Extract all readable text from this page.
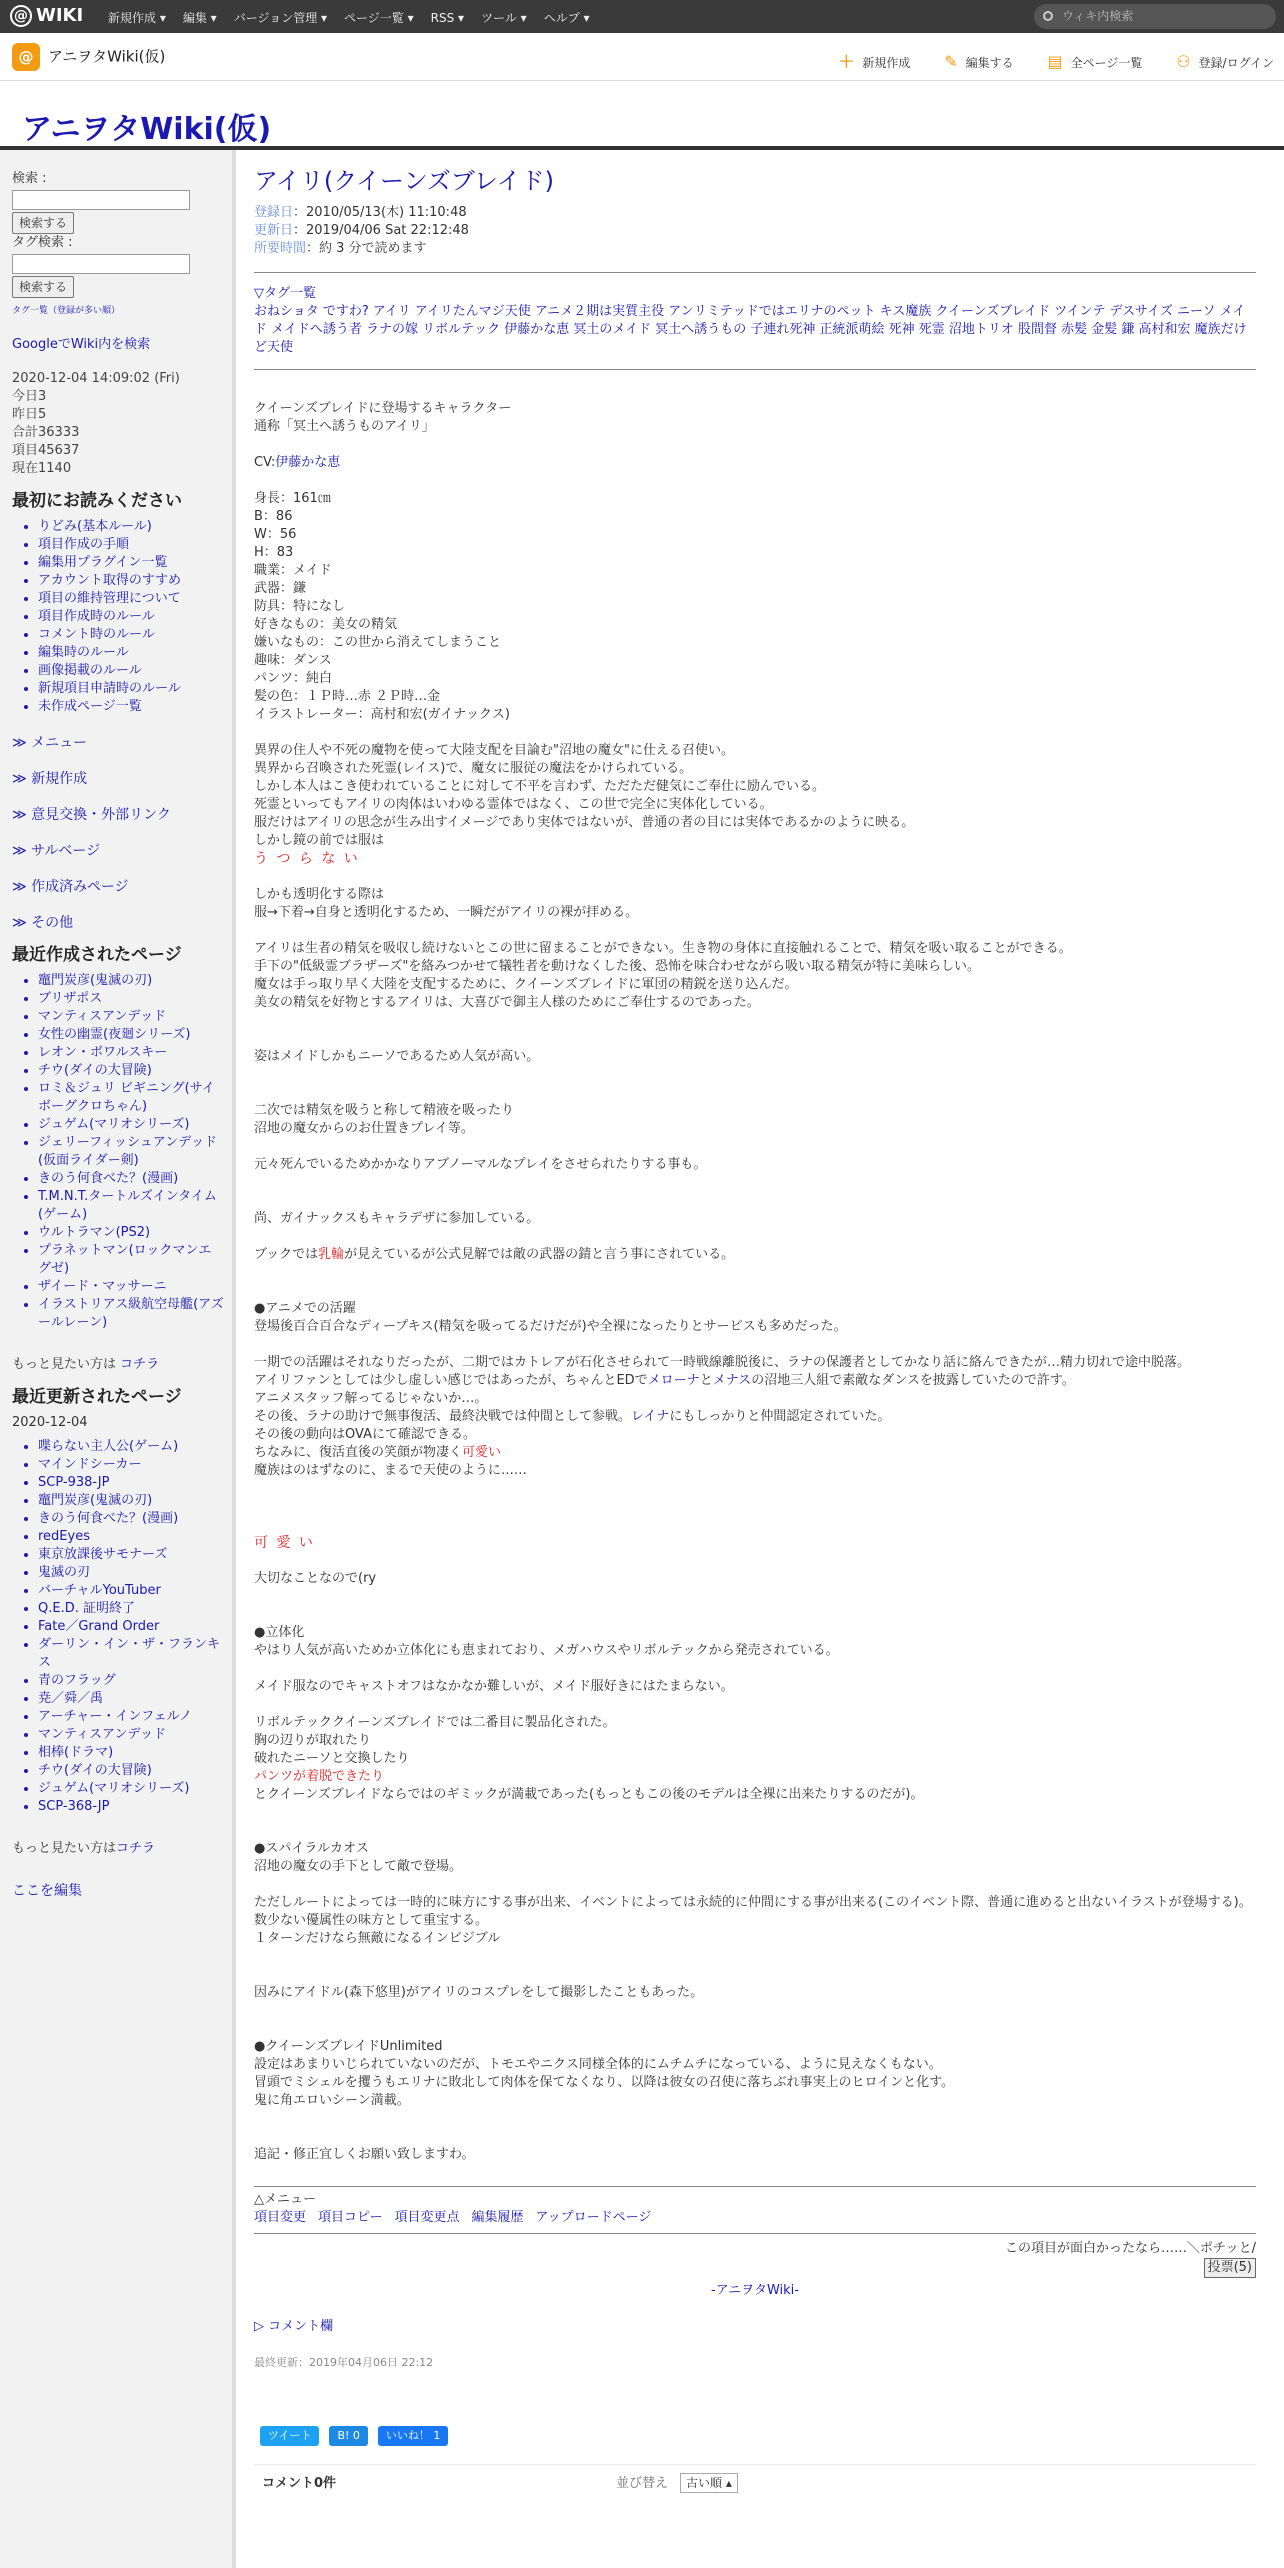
@ WIKI 新規作成 ▾ 編集 ▾ バージョン管理 ▾ ページ一覧 ▾ RSS ▾ ツール ▾ ヘルプ ▾	ウィキ内検索
@ アニヲタWiki(仮)	＋ 新規作成 ✎ 編集する ▤ 全ページ一覧 ⚇ 登録/ログイン
アニヲタWiki(仮)
検索 :
検索する
タグ検索 :
検索する
タグ一覧（登録が多い順）
GoogleでWiki内を検索
2020-12-04 14:09:02 (Fri)
今日3
昨日5
合計36333
項目45637
現在1140
最初にお読みください
• りどみ(基本ルール)
• 項目作成の手順
• 編集用プラグイン一覧
• アカウント取得のすすめ
• 項目の維持管理について
• 項目作成時のルール
• コメント時のルール
• 編集時のルール
• 画像掲載のルール
• 新規項目申請時のルール
• 未作成ページ一覧
≫ メニュー
≫ 新規作成
≫ 意見交換・外部リンク
≫ サルベージ
≫ 作成済みページ
≫ その他
最近作成されたページ
• 竈門炭彦(鬼滅の刃)
• ブリザポス
• マンティスアンデッド
• 女性の幽霊(夜廻シリーズ)
• レオン・ボワルスキー
• チウ(ダイの大冒険)
• ロミ＆ジュリ ビギニング(サイボーグクロちゃん)
• ジュゲム(マリオシリーズ)
• ジェリーフィッシュアンデッド(仮面ライダー剣)
• きのう何食べた？(漫画)
• T.M.N.T.タートルズインタイム(ゲーム)
• ウルトラマン(PS2)
• プラネットマン(ロックマンエグゼ)
• ザイード・マッサーニ
• イラストリアス級航空母艦(アズールレーン)
もっと見たい方は コチラ
最近更新されたページ
2020-12-04
• 喋らない主人公(ゲーム)
• マインドシーカー
• SCP-938-JP
• 竈門炭彦(鬼滅の刃)
• きのう何食べた？(漫画)
• redEyes
• 東京放課後サモナーズ
• 鬼滅の刃
• バーチャルYouTuber
• Q.E.D. 証明終了
• Fate／Grand Order
• ダーリン・イン・ザ・フランキス
• 青のフラッグ
• 尭／舜／禹
• アーチャー・インフェルノ
• マンティスアンデッド
• 相棒(ドラマ)
• チウ(ダイの大冒険)
• ジュゲム(マリオシリーズ)
• SCP-368-JP
もっと見たい方はコチラ
ここを編集
アイリ(クイーンズブレイド)
登録日：2010/05/13(木) 11:10:48
更新日：2019/04/06 Sat 22:12:48
所要時間：約 3 分で読めます
▽タグ一覧
おねショタ ですわ? アイリ アイリたんマジ天使 アニメ２期は実質主役 アンリミテッドではエリナのペット キス魔族 クイーンズブレイド ツインテ デスサイズ ニーソ メイド メイドへ誘う者 ラナの嫁 リボルテック 伊藤かな恵 冥土のメイド 冥土へ誘うもの 子連れ死神 正統派萌絵 死神 死霊 沼地トリオ 股間督 赤髪 金髪 鎌 高村和宏 魔族だけど天使
クイーンズブレイドに登場するキャラクター
通称「冥土へ誘うものアイリ」
CV:伊藤かな恵
身長：161㎝
B：86
W：56
H：83
職業：メイド
武器：鎌
防具：特になし
好きなもの：美女の精気
嫌いなもの：この世から消えてしまうこと
趣味：ダンス
パンツ：純白
髪の色：１Ｐ時…赤 ２Ｐ時…金
イラストレーター：高村和宏(ガイナックス)
異界の住人や不死の魔物を使って大陸支配を目論む"沼地の魔女"に仕える召使い。
異界から召喚された死霊(レイス)で、魔女に服従の魔法をかけられている。
しかし本人はこき使われていることに対して不平を言わず、ただただ健気にご奉仕に励んでいる。
死霊といってもアイリの肉体はいわゆる霊体ではなく、この世で完全に実体化している。
服だけはアイリの思念が生み出すイメージであり実体ではないが、普通の者の目には実体であるかのように映る。
しかし鏡の前では服は
う つ ら な い
しかも透明化する際は
服→下着→自身と透明化するため、一瞬だがアイリの裸が拝める。
アイリは生者の精気を吸収し続けないとこの世に留まることができない。生き物の身体に直接触れることで、精気を吸い取ることができる。
手下の"低級霊ブラザーズ"を絡みつかせて犠牲者を動けなくした後、恐怖を味合わせながら吸い取る精気が特に美味らしい。
魔女は手っ取り早く大陸を支配するために、クイーンズブレイドに軍団の精鋭を送り込んだ。
美女の精気を好物とするアイリは、大喜びで御主人様のためにご奉仕するのであった。
姿はメイドしかもニーソであるため人気が高い。
二次では精気を吸うと称して精液を吸ったり
沼地の魔女からのお仕置きプレイ等。
元々死んでいるためかかなりアブノーマルなプレイをさせられたりする事も。
尚、ガイナックスもキャラデザに参加している。
ブックでは乳輪が見えているが公式見解では敵の武器の錆と言う事にされている。
●アニメでの活躍
登場後百合百合なディープキス(精気を吸ってるだけだが)や全裸になったりとサービスも多めだった。
一期での活躍はそれなりだったが、二期ではカトレアが石化させられて一時戦線離脱後に、ラナの保護者としてかなり話に絡んできたが…精力切れで途中脱落。
アイリファンとしては少し虚しい感じではあったが、ちゃんとEDでメローナとメナスの沼地三人組で素敵なダンスを披露していたので許す。
アニメスタッフ解ってるじゃないか…。
その後、ラナの助けで無事復活、最終決戦では仲間として参戦。レイナにもしっかりと仲間認定されていた。
その後の動向はOVAにて確認できる。
ちなみに、復活直後の笑顔が物凄く可愛い
魔族はのはずなのに、まるで天使のように……
可 愛 い
大切なことなので(ry
●立体化
やはり人気が高いためか立体化にも恵まれており、メガハウスやリボルテックから発売されている。
メイド服なのでキャストオフはなかなか難しいが、メイド服好きにはたまらない。
リボルテッククイーンズブレイドでは二番目に製品化された。
胸の辺りが取れたり
破れたニーソと交換したり
パンツが着脱できたり
とクイーンズブレイドならではのギミックが満載であった(もっともこの後のモデルは全裸に出来たりするのだが)。
●スパイラルカオス
沼地の魔女の手下として敵で登場。
ただしルートによっては一時的に味方にする事が出来、イベントによっては永続的に仲間にする事が出来る(このイベント際、普通に進めると出ないイラストが登場する)。
数少ない優属性の味方として重宝する。
１ターンだけなら無敵になるインビジブル
因みにアイドル(森下悠里)がアイリのコスプレをして撮影したこともあった。
●クイーンズブレイドUnlimited
設定はあまりいじられていないのだが、トモエやニクス同様全体的にムチムチになっている、ように見えなくもない。
冒頭でミシェルを攫うもエリナに敗北して肉体を保てなくなり、以降は彼女の召使に落ちぶれ事実上のヒロインと化す。
鬼に角エロいシーン満載。
追記・修正宜しくお願い致しますわ。
△メニュー
項目変更 項目コピー 項目変更点 編集履歴 アップロードページ
この項目が面白かったなら……＼ポチッと/
投票(5)
-アニヲタWiki-
▷ コメント欄
最終更新：2019年04月06日 22:12
ツイート B! 0 いいね！ 1
コメント0件	並び替え	古い順 ▴
